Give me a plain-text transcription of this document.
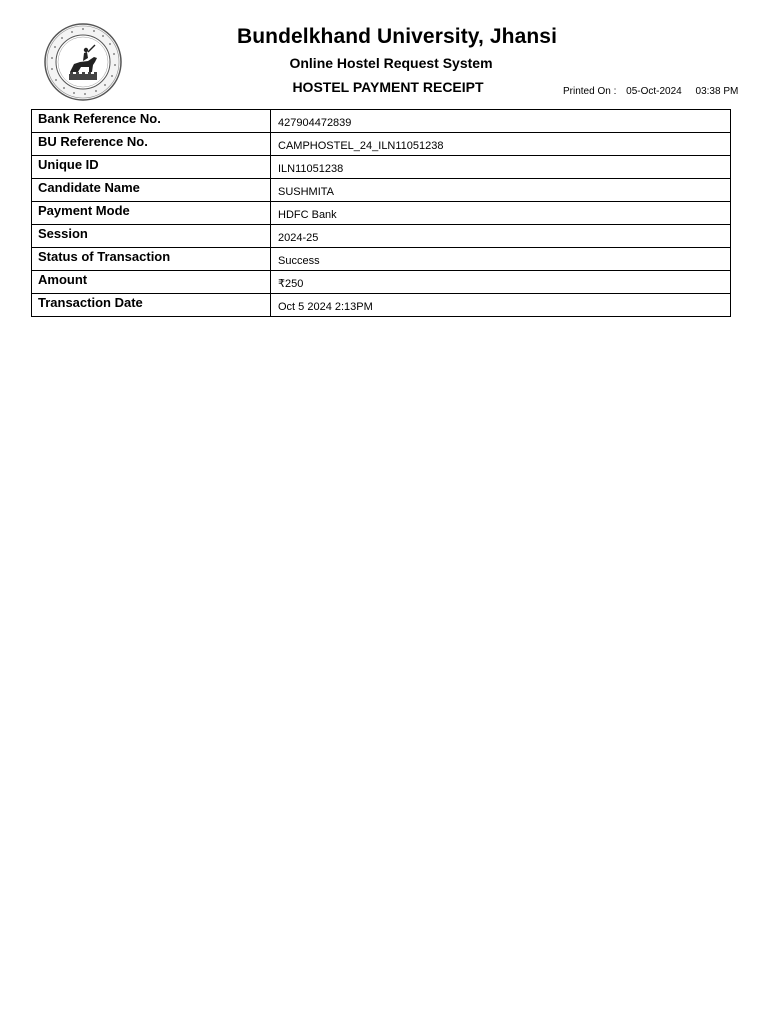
Bundelkhand University, Jhansi
Online Hostel Request System
HOSTEL PAYMENT RECEIPT	Printed On : 05-Oct-2024 03:38 PM
Bank Reference No.	427904472839
BU Reference No.	CAMPHOSTEL_24_ILN11051238
Unique ID	ILN11051238
Candidate Name	SUSHMITA
Payment Mode	HDFC Bank
Session	2024-25
Status of Transaction	Success
Amount	₹250
Transaction Date	Oct 5 2024 2:13PM
